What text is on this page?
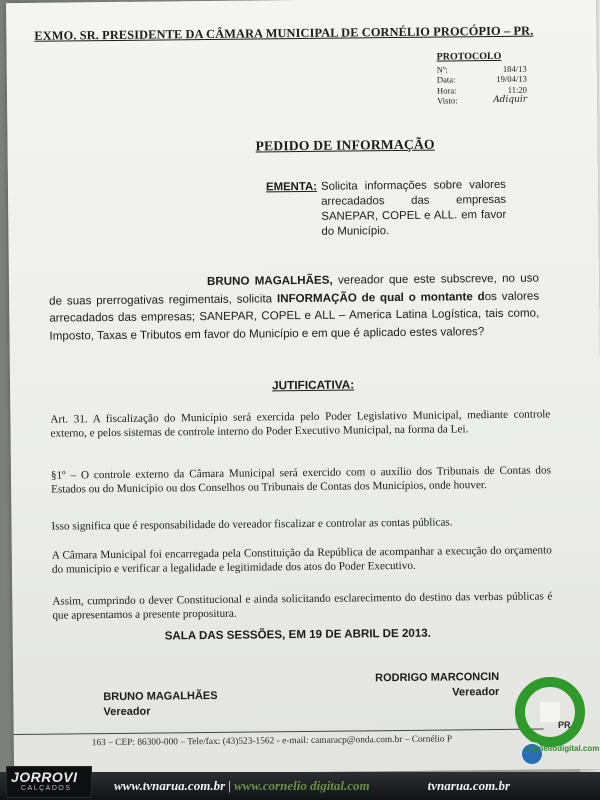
EXMO. SR. PRESIDENTE DA CÂMARA MUNICIPAL DE CORNÉLIO PROCÓPIO – PR.
PROTOCOLO
Nº:	184/13
Data:	19/04/13
Hora:	11:20
Visto:	Adiquir
PEDIDO DE INFORMAÇÃO
EMENTA: Solicita informações sobre valores arrecadados das empresas SANEPAR, COPEL e ALL. em favor do Município.
BRUNO MAGALHÃES, vereador que este subscreve, no uso de suas prerrogativas regimentais, solicita INFORMAÇÃO de qual o montante dos valores arrecadados das empresas; SANEPAR, COPEL e ALL – America Latina Logística, tais como, Imposto, Taxas e Tributos em favor do Município e em que é aplicado estes valores?
JUTIFICATIVA:
Art. 31. A fiscalização do Município será exercida pelo Poder Legislativo Municipal, mediante controle externo, e pelos sistemas de controle interno do Poder Executivo Municipal, na forma da Lei.
§1º – O controle externo da Câmara Municipal será exercido com o auxílio dos Tribunais de Contas dos Estados ou do Município ou dos Conselhos ou Tribunais de Contas dos Municípios, onde houver.
Isso significa que é responsabilidade do vereador fiscalizar e controlar as contas públicas.
A Câmara Municipal foi encarregada pela Constituição da República de acompanhar a execução do orçamento do município e verificar a legalidade e legitimidade dos atos do Poder Executivo.
Assim, cumprindo o dever Constitucional e ainda solicitando esclarecimento do destino das verbas públicas é que apresentamos a presente propositura.
SALA DAS SESSÕES, EM 19 DE ABRIL DE 2013.
BRUNO MAGALHÃES
Vereador
RODRIGO MARCONCIN
Vereador
163 – CEP: 86300-000 – Tele/fax: (43)523-1562 - e-mail: camaracp@onda.com.br – Cornélio P
PR
corneliodigital.com
JORROVI
CALÇADOS	www.tvnarua.com.br | www.cornelio digital.com	tvnarua.com.br
